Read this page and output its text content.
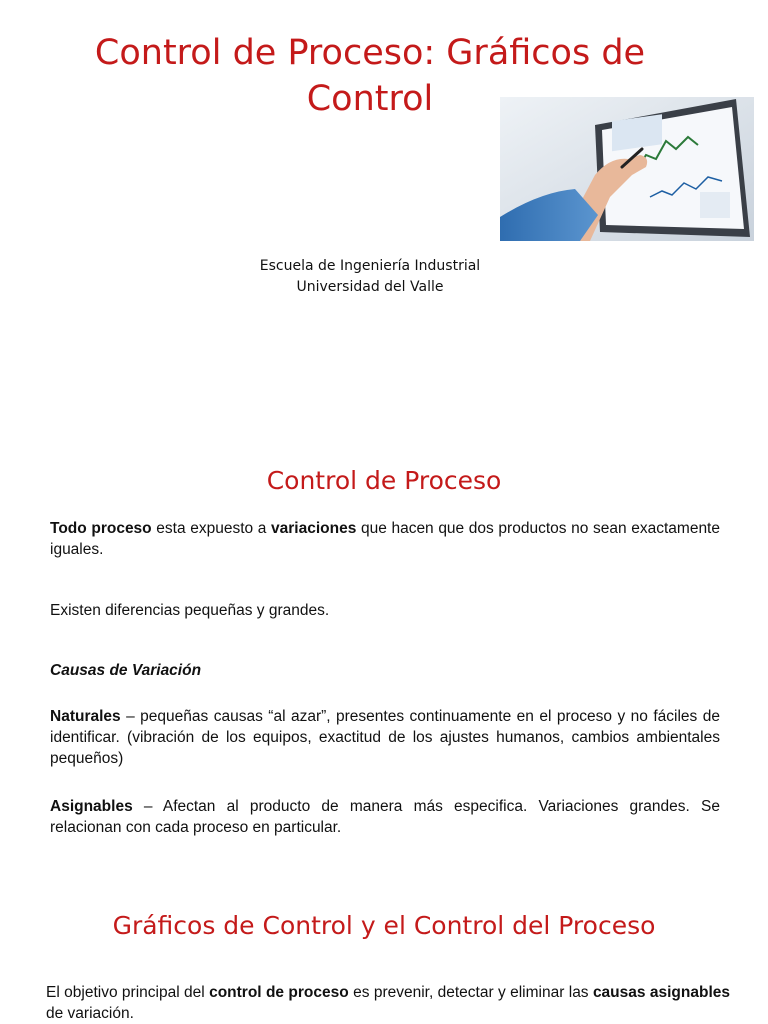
Control de Proceso: Gráficos de Control
Escuela de Ingeniería Industrial
Universidad del Valle
Control de Proceso

Todo proceso esta expuesto a variaciones que hacen que dos productos no sean exactamente iguales.

Existen diferencias pequeñas y grandes.

Causas de Variación

Naturales – pequeñas causas “al azar”, presentes continuamente en el proceso y no fáciles de identificar. (vibración de los equipos, exactitud de los ajustes humanos, cambios ambientales pequeños)

Asignables – Afectan al producto de manera más especifica. Variaciones grandes. Se relacionan con cada proceso en particular.

Gráficos de Control y el Control del Proceso

El objetivo principal del control de proceso es prevenir, detectar y eliminar las causas asignables de variación.
